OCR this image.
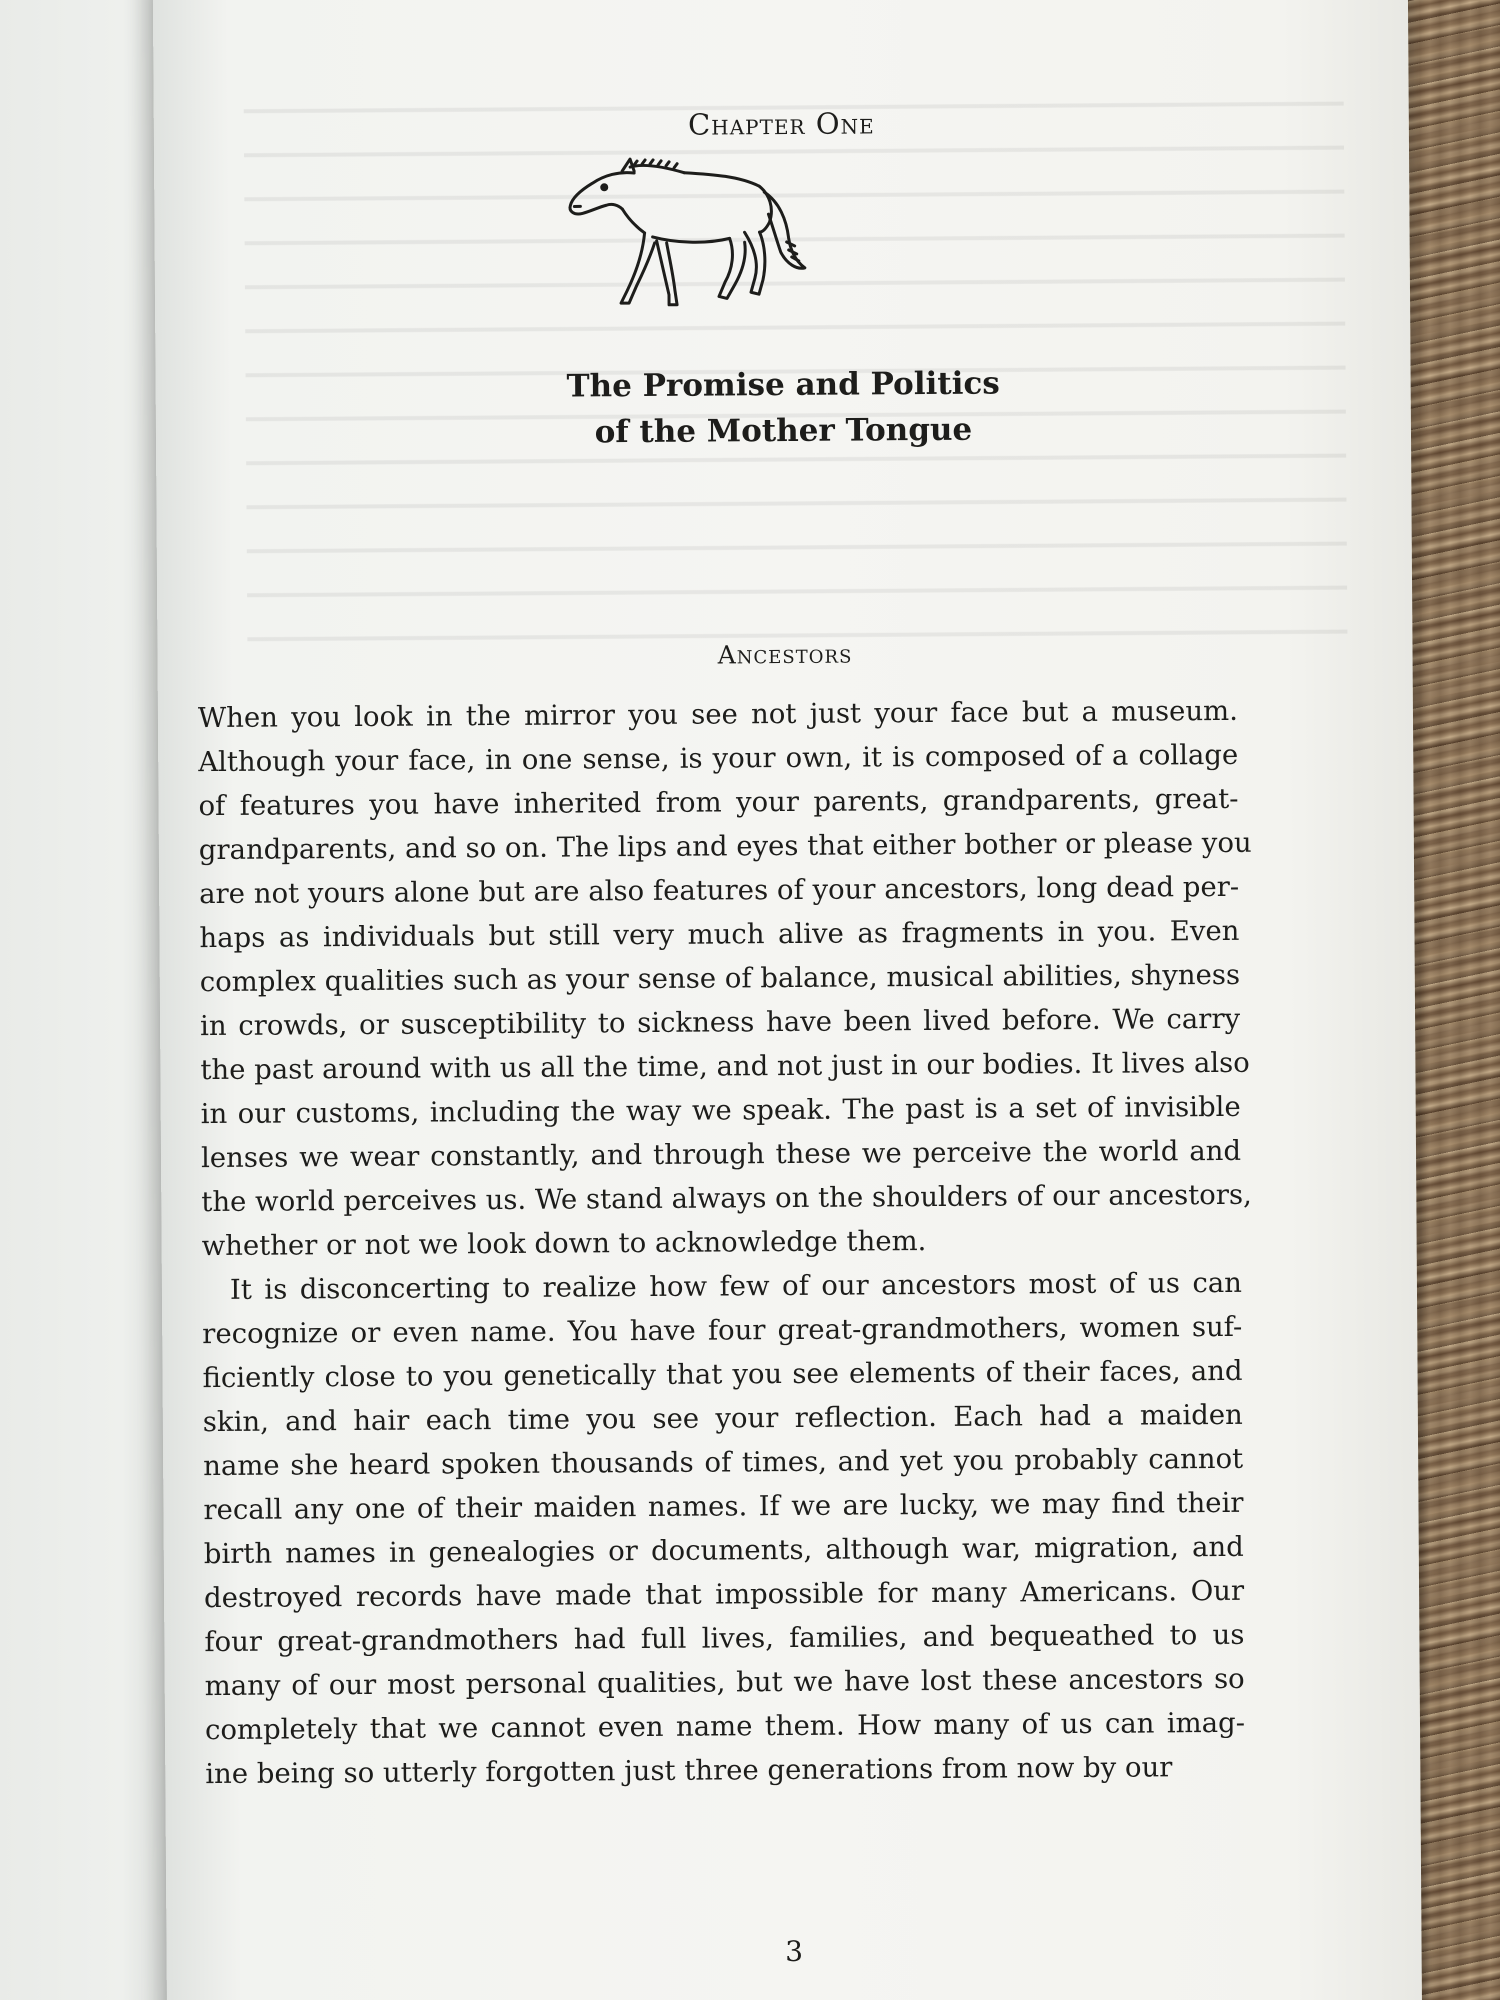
Chapter One
The Promise and Politics
of the Mother Tongue
Ancestors
When you look in the mirror you see not just your face but a museum.
Although your face, in one sense, is your own, it is composed of a collage
of features you have inherited from your parents, grandparents, great-
grandparents, and so on. The lips and eyes that either bother or please you
are not yours alone but are also features of your ancestors, long dead per-
haps as individuals but still very much alive as fragments in you. Even
complex qualities such as your sense of balance, musical abilities, shyness
in crowds, or susceptibility to sickness have been lived before. We carry
the past around with us all the time, and not just in our bodies. It lives also
in our customs, including the way we speak. The past is a set of invisible
lenses we wear constantly, and through these we perceive the world and
the world perceives us. We stand always on the shoulders of our ancestors,
whether or not we look down to acknowledge them.
It is disconcerting to realize how few of our ancestors most of us can
recognize or even name. You have four great-grandmothers, women suf-
ficiently close to you genetically that you see elements of their faces, and
skin, and hair each time you see your reflection. Each had a maiden
name she heard spoken thousands of times, and yet you probably cannot
recall any one of their maiden names. If we are lucky, we may find their
birth names in genealogies or documents, although war, migration, and
destroyed records have made that impossible for many Americans. Our
four great-grandmothers had full lives, families, and bequeathed to us
many of our most personal qualities, but we have lost these ancestors so
completely that we cannot even name them. How many of us can imag-
ine being so utterly forgotten just three generations from now by our
3
